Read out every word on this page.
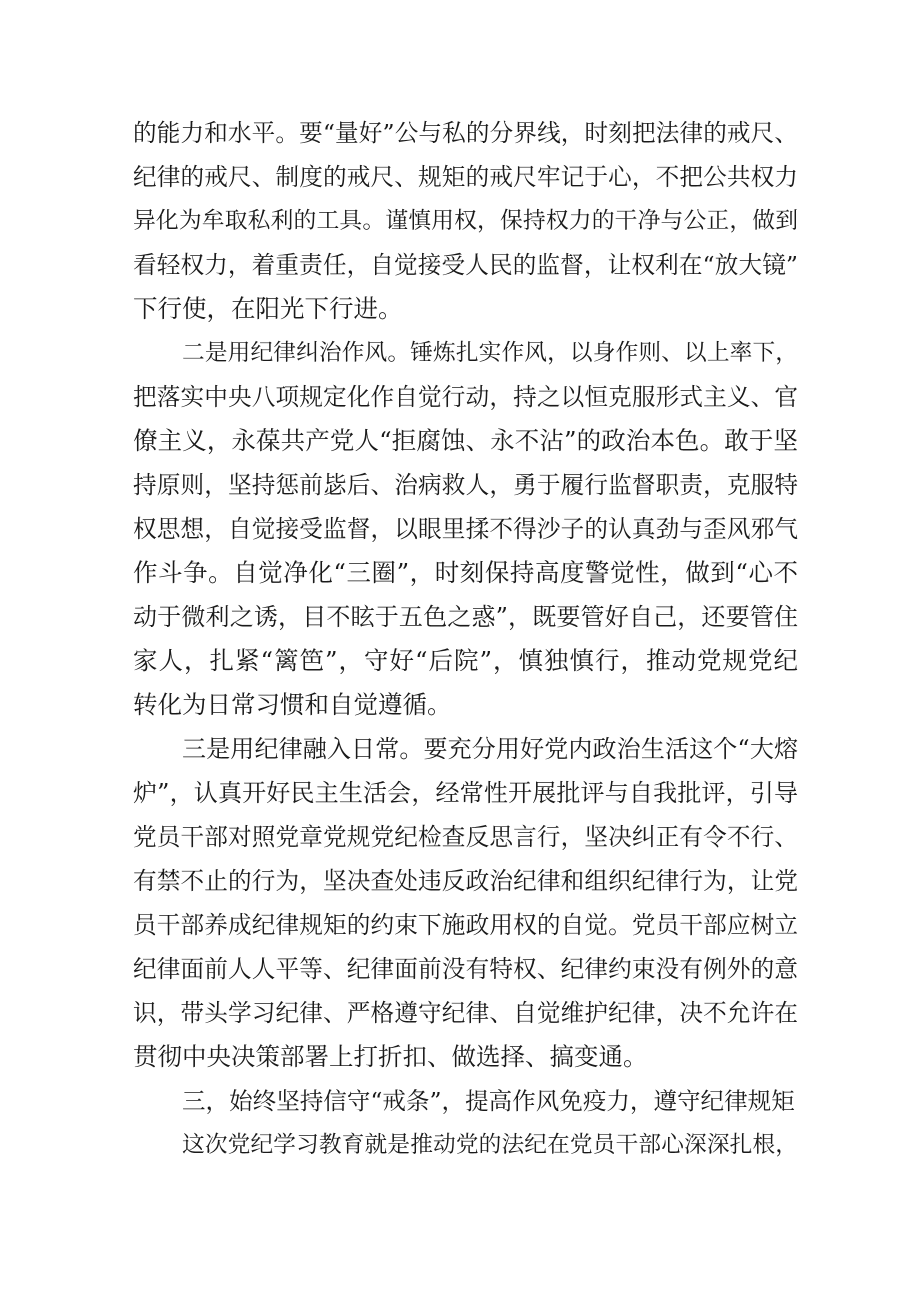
的能力和水平。要“量好”公与私的分界线，时刻把法律的戒尺、
纪律的戒尺、制度的戒尺、规矩的戒尺牢记于心，不把公共权力
异化为牟取私利的工具。谨慎用权，保持权力的干净与公正，做到
看轻权力，着重责任，自觉接受人民的监督，让权利在“放大镜”
下行使，在阳光下行进。
二是用纪律纠治作风。锤炼扎实作风，以身作则、以上率下，
把落实中央八项规定化作自觉行动，持之以恒克服形式主义、官
僚主义，永葆共产党人“拒腐蚀、永不沾”的政治本色。敢于坚
持原则，坚持惩前毖后、治病救人，勇于履行监督职责，克服特
权思想，自觉接受监督，以眼里揉不得沙子的认真劲与歪风邪气
作斗争。自觉净化“三圈”，时刻保持高度警觉性，做到“心不
动于微利之诱，目不眩于五色之惑”，既要管好自己，还要管住
家人，扎紧“篱笆”，守好“后院”，慎独慎行，推动党规党纪
转化为日常习惯和自觉遵循。
三是用纪律融入日常。要充分用好党内政治生活这个“大熔
炉”，认真开好民主生活会，经常性开展批评与自我批评，引导
党员干部对照党章党规党纪检查反思言行，坚决纠正有令不行、
有禁不止的行为，坚决查处违反政治纪律和组织纪律行为，让党
员干部养成纪律规矩的约束下施政用权的自觉。党员干部应树立
纪律面前人人平等、纪律面前没有特权、纪律约束没有例外的意
识，带头学习纪律、严格遵守纪律、自觉维护纪律，决不允许在
贯彻中央决策部署上打折扣、做选择、搞变通。
三，始终坚持信守“戒条”，提高作风免疫力，遵守纪律规矩
这次党纪学习教育就是推动党的法纪在党员干部心深深扎根，
